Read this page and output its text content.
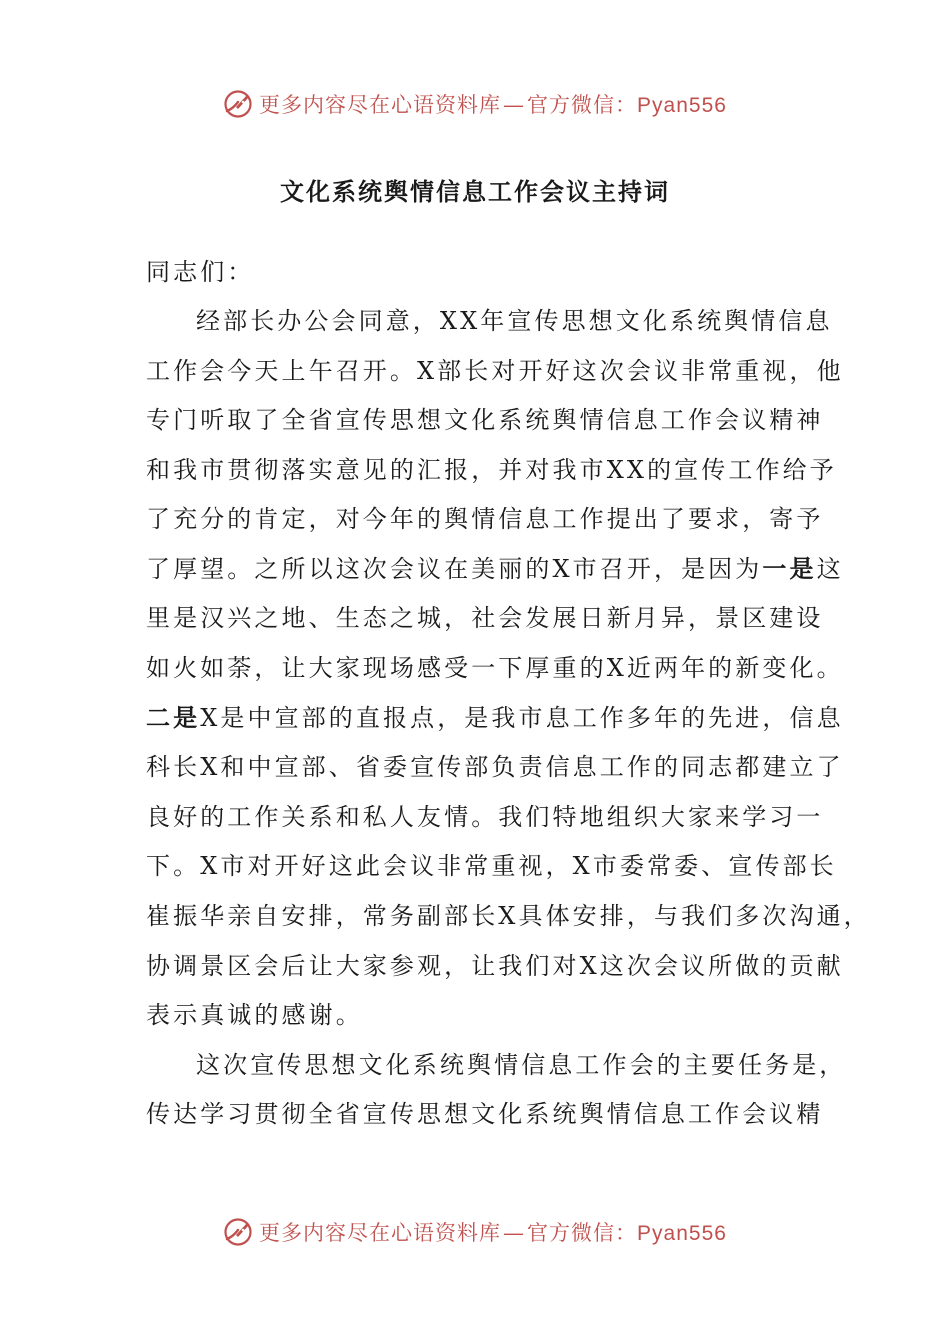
更多内容尽在心语资料库—官方微信：Pyan556
文化系统舆情信息工作会议主持词

同志们：

经部长办公会同意，XX年宣传思想文化系统舆情信息

工作会今天上午召开。X部长对开好这次会议非常重视，他

专门听取了全省宣传思想文化系统舆情信息工作会议精神

和我市贯彻落实意见的汇报，并对我市XX的宣传工作给予

了充分的肯定，对今年的舆情信息工作提出了要求，寄予

了厚望。之所以这次会议在美丽的X市召开，是因为一是这

里是汉兴之地、生态之城，社会发展日新月异，景区建设

如火如荼，让大家现场感受一下厚重的X近两年的新变化。

二是X是中宣部的直报点，是我市息工作多年的先进，信息

科长X和中宣部、省委宣传部负责信息工作的同志都建立了

良好的工作关系和私人友情。我们特地组织大家来学习一

下。X市对开好这此会议非常重视，X市委常委、宣传部长

崔振华亲自安排，常务副部长X具体安排，与我们多次沟通，

协调景区会后让大家参观，让我们对X这次会议所做的贡献

表示真诚的感谢。

这次宣传思想文化系统舆情信息工作会的主要任务是，

传达学习贯彻全省宣传思想文化系统舆情信息工作会议精

更多内容尽在心语资料库—官方微信：Pyan556
